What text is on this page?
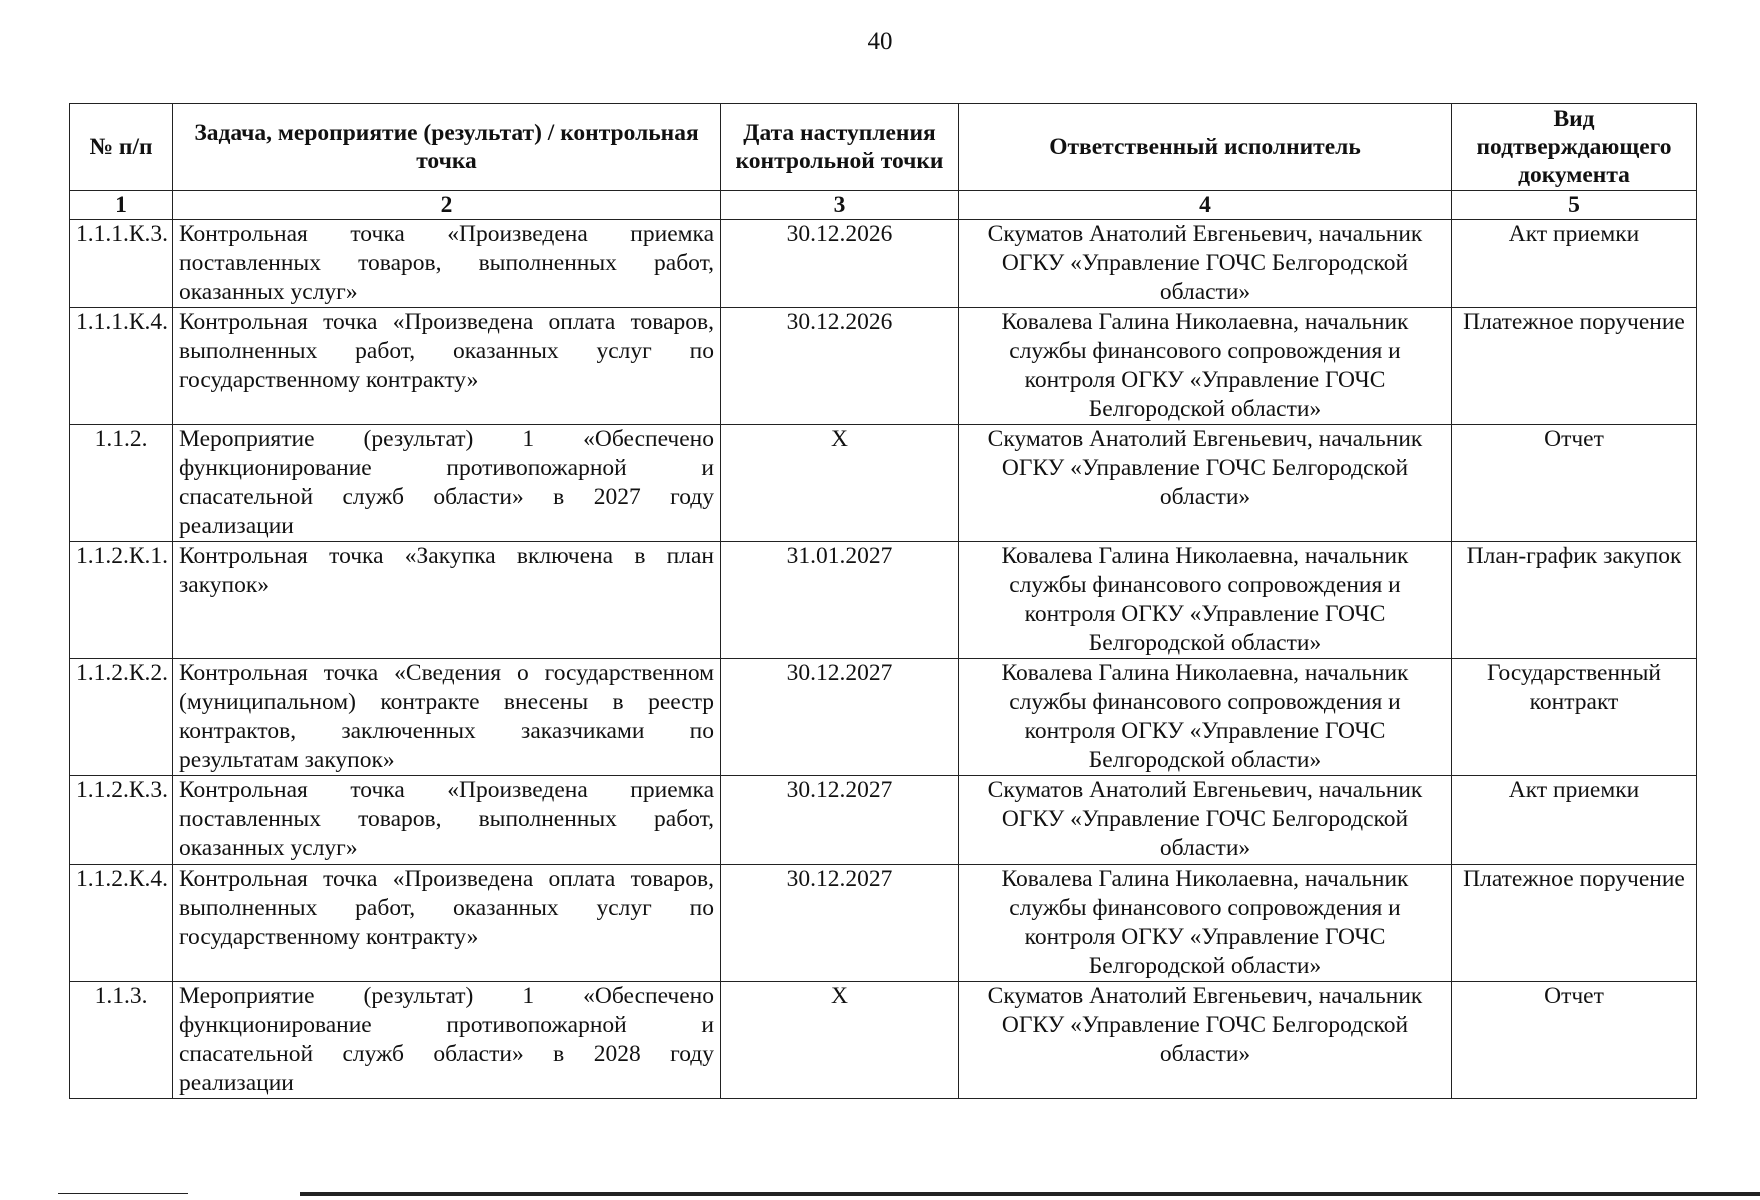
40
№ п/п	Задача, мероприятие (результат) / контрольная точка	Дата наступления контрольной точки	Ответственный исполнитель	Вид подтверждающего документа
1	2	3	4	5
1.1.1.К.3.	Контрольная точка «Произведена приемка поставленных товаров, выполненных работ, оказанных услуг»	30.12.2026	Скуматов Анатолий Евгеньевич, начальник ОГКУ «Управление ГОЧС Белгородской области»	Акт приемки
1.1.1.К.4.	Контрольная точка «Произведена оплата товаров, выполненных работ, оказанных услуг по государственному контракту»	30.12.2026	Ковалева Галина Николаевна, начальник службы финансового сопровождения и контроля ОГКУ «Управление ГОЧС Белгородской области»	Платежное поручение
1.1.2.	Мероприятие (результат) 1 «Обеспечено функционирование противопожарной и спасательной служб области» в 2027 году реализации	X	Скуматов Анатолий Евгеньевич, начальник ОГКУ «Управление ГОЧС Белгородской области»	Отчет
1.1.2.К.1.	Контрольная точка «Закупка включена в план закупок»	31.01.2027	Ковалева Галина Николаевна, начальник службы финансового сопровождения и контроля ОГКУ «Управление ГОЧС Белгородской области»	План-график закупок
1.1.2.К.2.	Контрольная точка «Сведения о государственном (муниципальном) контракте внесены в реестр контрактов, заключенных заказчиками по результатам закупок»	30.12.2027	Ковалева Галина Николаевна, начальник службы финансового сопровождения и контроля ОГКУ «Управление ГОЧС Белгородской области»	Государственный контракт
1.1.2.К.3.	Контрольная точка «Произведена приемка поставленных товаров, выполненных работ, оказанных услуг»	30.12.2027	Скуматов Анатолий Евгеньевич, начальник ОГКУ «Управление ГОЧС Белгородской области»	Акт приемки
1.1.2.К.4.	Контрольная точка «Произведена оплата товаров, выполненных работ, оказанных услуг по государственному контракту»	30.12.2027	Ковалева Галина Николаевна, начальник службы финансового сопровождения и контроля ОГКУ «Управление ГОЧС Белгородской области»	Платежное поручение
1.1.3.	Мероприятие (результат) 1 «Обеспечено функционирование противопожарной и спасательной служб области» в 2028 году реализации	X	Скуматов Анатолий Евгеньевич, начальник ОГКУ «Управление ГОЧС Белгородской области»	Отчет
